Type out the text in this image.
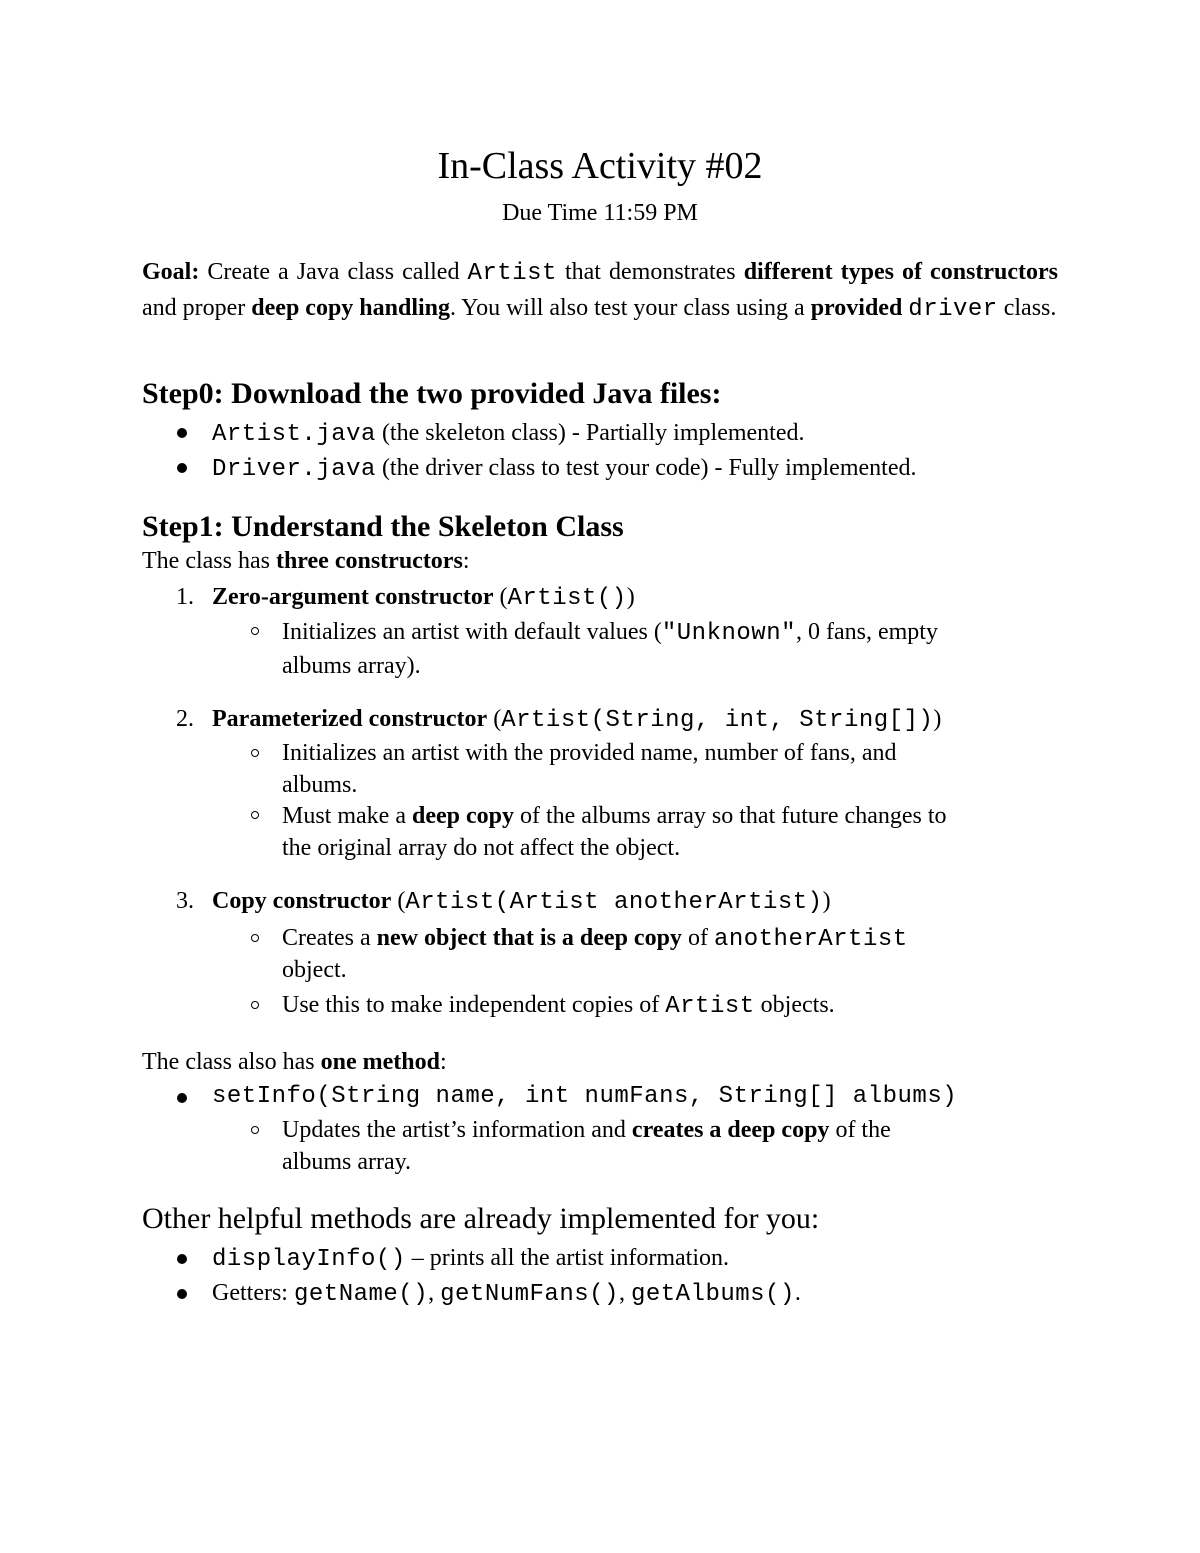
In-Class Activity #02
Due Time 11:59 PM
Goal: Create a Java class called Artist that demonstrates different types of constructors and proper deep copy handling. You will also test your class using a provided driver class.
Step0: Download the two provided Java files:
Artist.java (the skeleton class) - Partially implemented.
Driver.java (the driver class to test your code) - Fully implemented.
Step1: Understand the Skeleton Class
The class has three constructors:
1. Zero-argument constructor (Artist())
Initializes an artist with default values ("Unknown", 0 fans, empty
albums array).
2. Parameterized constructor (Artist(String, int, String[]))
Initializes an artist with the provided name, number of fans, and
albums.
Must make a deep copy of the albums array so that future changes to
the original array do not affect the object.
3. Copy constructor (Artist(Artist anotherArtist))
Creates a new object that is a deep copy of anotherArtist
object.
Use this to make independent copies of Artist objects.
The class also has one method:
setInfo(String name, int numFans, String[] albums)
Updates the artist’s information and creates a deep copy of the
albums array.
Other helpful methods are already implemented for you:
displayInfo() – prints all the artist information.
Getters: getName(), getNumFans(), getAlbums().
